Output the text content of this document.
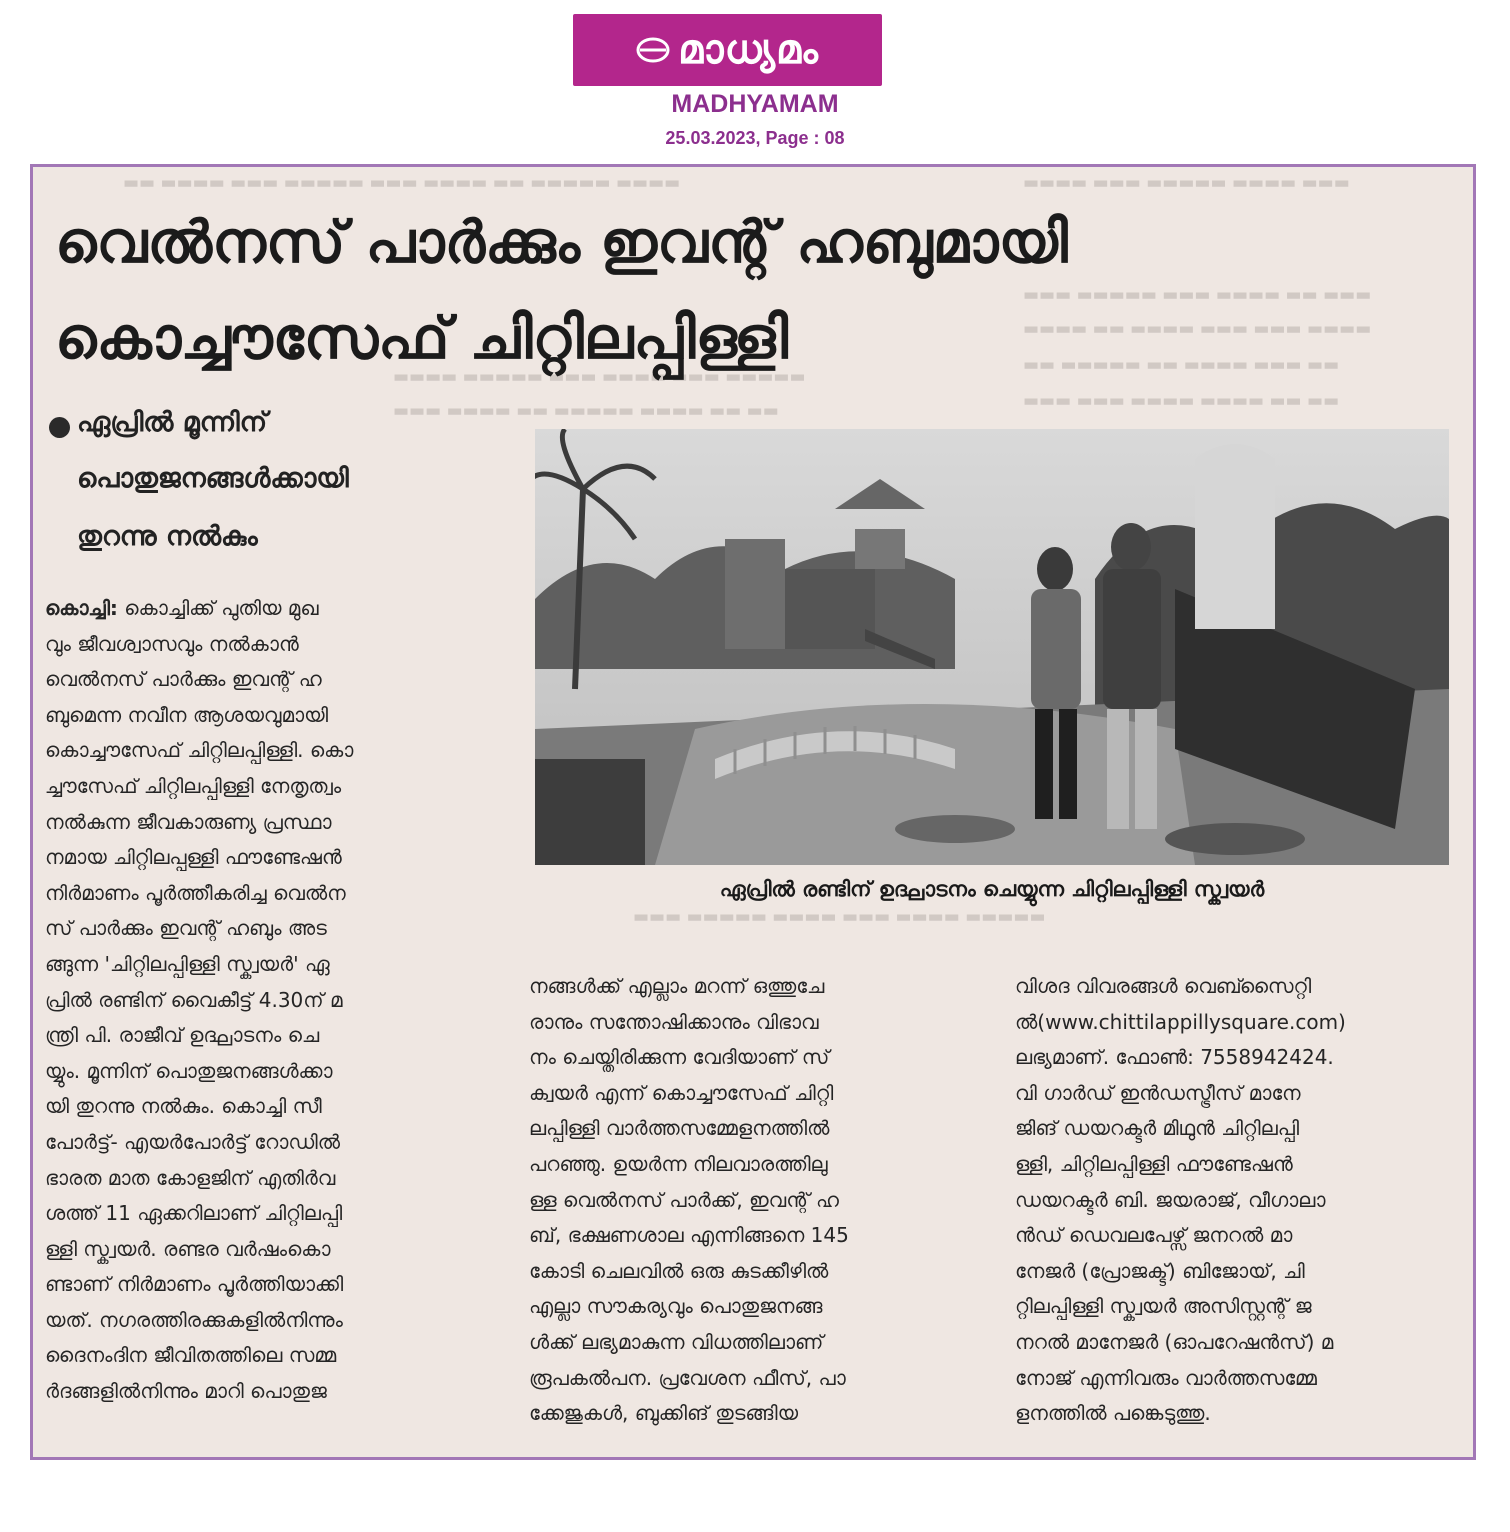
മാധ്യമം
MADHYAMAM
25.03.2023, Page : 08
▬▬ ▬▬▬▬ ▬▬▬ ▬▬▬▬▬ ▬▬▬ ▬▬▬▬ ▬▬ ▬▬▬▬▬ ▬▬▬▬	▬▬▬▬ ▬▬▬ ▬▬▬▬▬ ▬▬▬▬ ▬▬▬
▬▬▬ ▬▬▬▬▬ ▬▬▬ ▬▬▬▬ ▬▬ ▬▬▬
▬▬▬▬ ▬▬ ▬▬▬▬ ▬▬▬ ▬▬▬ ▬▬▬▬
▬▬ ▬▬▬▬▬ ▬▬ ▬▬▬▬ ▬▬▬ ▬▬
▬▬▬ ▬▬▬ ▬▬▬▬ ▬▬▬▬ ▬▬ ▬▬
▬▬▬▬ ▬▬▬▬▬ ▬▬▬ ▬▬▬▬ ▬▬▬ ▬▬▬▬▬
▬▬▬ ▬▬▬▬ ▬▬ ▬▬▬▬▬ ▬▬▬▬ ▬▬ ▬▬
▬▬▬ ▬▬▬▬▬ ▬▬▬▬ ▬▬▬ ▬▬▬▬ ▬▬▬▬▬
വെൽനസ് പാർക്കും ഇവന്റ് ഹബുമായി
കൊച്ചൗസേഫ് ചിറ്റിലപ്പിള്ളി
ഏപ്രിൽ മൂന്നിന്
പൊതുജനങ്ങൾക്കായി
തുറന്നു നൽകും
ഏപ്രിൽ രണ്ടിന് ഉദ്ഘാടനം ചെയ്യുന്ന ചിറ്റിലപ്പിള്ളി സ്ക്വയർ
കൊച്ചി: കൊച്ചിക്ക് പുതിയ മുഖ
വും ജീവശ്വാസവും നൽകാൻ
വെൽനസ് പാർക്കും ഇവന്റ് ഹ
ബുമെന്ന നവീന ആശയവുമായി
കൊച്ചൗസേഫ് ചിറ്റിലപ്പിള്ളി. കൊ
ച്ചൗസേഫ് ചിറ്റിലപ്പിള്ളി നേതൃത്വം
നൽകുന്ന ജീവകാരുണ്യ പ്രസ്ഥാ
നമായ ചിറ്റിലപ്പള്ളി ഫൗണ്ടേഷൻ
നിർമാണം പൂർത്തീകരിച്ച വെൽന
സ് പാർക്കും ഇവന്റ് ഹബും അട
ങ്ങുന്ന 'ചിറ്റിലപ്പിള്ളി സ്ക്വയർ' ഏ
പ്രിൽ രണ്ടിന് വൈകീട്ട് 4.30ന് മ
ന്ത്രി പി. രാജീവ് ഉദ്ഘാടനം ചെ
യ്യും. മൂന്നിന് പൊതുജനങ്ങൾക്കാ
യി തുറന്നു നൽകും. കൊച്ചി സീ
പോർട്ട്- എയർപോർട്ട് റോഡിൽ
ഭാരത മാത കോളജിന് എതിർവ
ശത്ത് 11 ഏക്കറിലാണ് ചിറ്റിലപ്പി
ള്ളി സ്ക്വയർ. രണ്ടര വർഷംകൊ
ണ്ടാണ് നിർമാണം പൂർത്തിയാക്കി
യത്. നഗരത്തിരക്കുകളിൽനിന്നും
ദൈനംദിന ജീവിതത്തിലെ സമ്മ
ർദങ്ങളിൽനിന്നും മാറി പൊതുജ
നങ്ങൾക്ക് എല്ലാം മറന്ന് ഒത്തുചേ
രാനും സന്തോഷിക്കാനും വിഭാവ
നം ചെയ്തിരിക്കുന്ന വേദിയാണ് സ്
ക്വയർ എന്ന് കൊച്ചൗസേഫ് ചിറ്റി
ലപ്പിള്ളി വാർത്തസമ്മേളനത്തിൽ
പറഞ്ഞു. ഉയർന്ന നിലവാരത്തിലു
ള്ള വെൽനസ് പാർക്ക്, ഇവന്റ് ഹ
ബ്, ഭക്ഷണശാല എന്നിങ്ങനെ 145
കോടി ചെലവിൽ ഒരു കുടക്കീഴിൽ
എല്ലാ സൗകര്യവും പൊതുജനങ്ങ
ൾക്ക് ലഭ്യമാകുന്ന വിധത്തിലാണ്
രൂപകൽപന. പ്രവേശന ഫീസ്, പാ
ക്കേജുകൾ, ബുക്കിങ് തുടങ്ങിയ
വിശദ വിവരങ്ങൾ വെബ്സൈറ്റി
ൽ(www.chittilappillysquare.com)
ലഭ്യമാണ്. ഫോൺ: 7558942424.
വി ഗാർഡ് ഇൻഡസ്ട്രീസ് മാനേ
ജിങ് ഡയറക്ടർ മിഥുൻ ചിറ്റിലപ്പി
ള്ളി, ചിറ്റിലപ്പിള്ളി ഫൗണ്ടേഷൻ
ഡയറക്ടർ ബി. ജയരാജ്, വീഗാലാ
ൻഡ് ഡെവലപേഴ്സ് ജനറൽ മാ
നേജർ (പ്രോജക്ട്) ബിജോയ്, ചി
റ്റിലപ്പിള്ളി സ്ക്വയർ അസിസ്റ്റന്റ് ജ
നറൽ മാനേജർ (ഓപറേഷൻസ്) മ
നോജ് എന്നിവരും വാർത്തസമ്മേ
ളനത്തിൽ പങ്കെടുത്തു.
